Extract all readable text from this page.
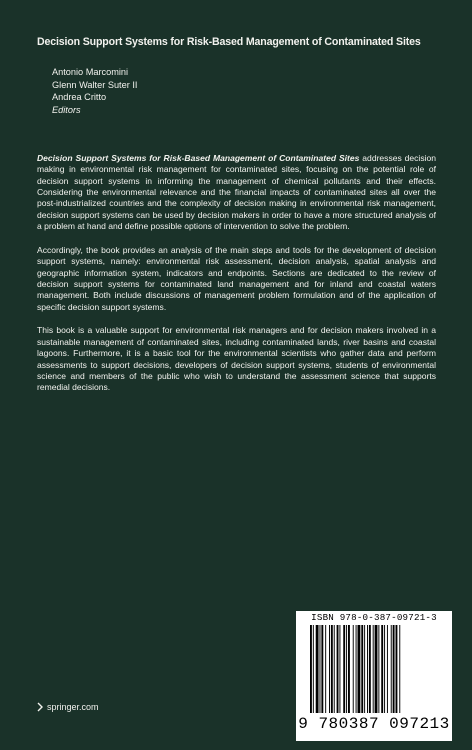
Decision Support Systems for Risk-Based Management of Contaminated Sites
Antonio Marcomini
Glenn Walter Suter II
Andrea Critto
Editors

Decision Support Systems for Risk-Based Management of Contaminated Sites addresses decision making in environmental risk management for contaminated sites, focusing on the potential role of decision support systems in informing the management of chemical pollutants and their effects. Considering the environmental relevance and the financial impacts of contaminated sites all over the post-industrialized countries and the complexity of decision making in environmental risk management, decision support systems can be used by decision makers in order to have a more structured analysis of a problem at hand and define possible options of intervention to solve the problem.

Accordingly, the book provides an analysis of the main steps and tools for the development of decision support systems, namely: environmental risk assessment, decision analysis, spatial analysis and geographic information system, indicators and endpoints. Sections are dedicated to the review of decision support systems for contaminated land management and for inland and coastal waters management. Both include discussions of management problem formulation and of the application of specific decision support systems.

This book is a valuable support for environmental risk managers and for decision makers involved in a sustainable management of contaminated sites, including contaminated lands, river basins and coastal lagoons. Furthermore, it is a basic tool for the environmental scientists who gather data and perform assessments to support decisions, developers of decision support systems, students of environmental science and members of the public who wish to understand the assessment science that supports remedial decisions.

ISBN 978-0-387-09721-3
9 780387 097213
springer.com
